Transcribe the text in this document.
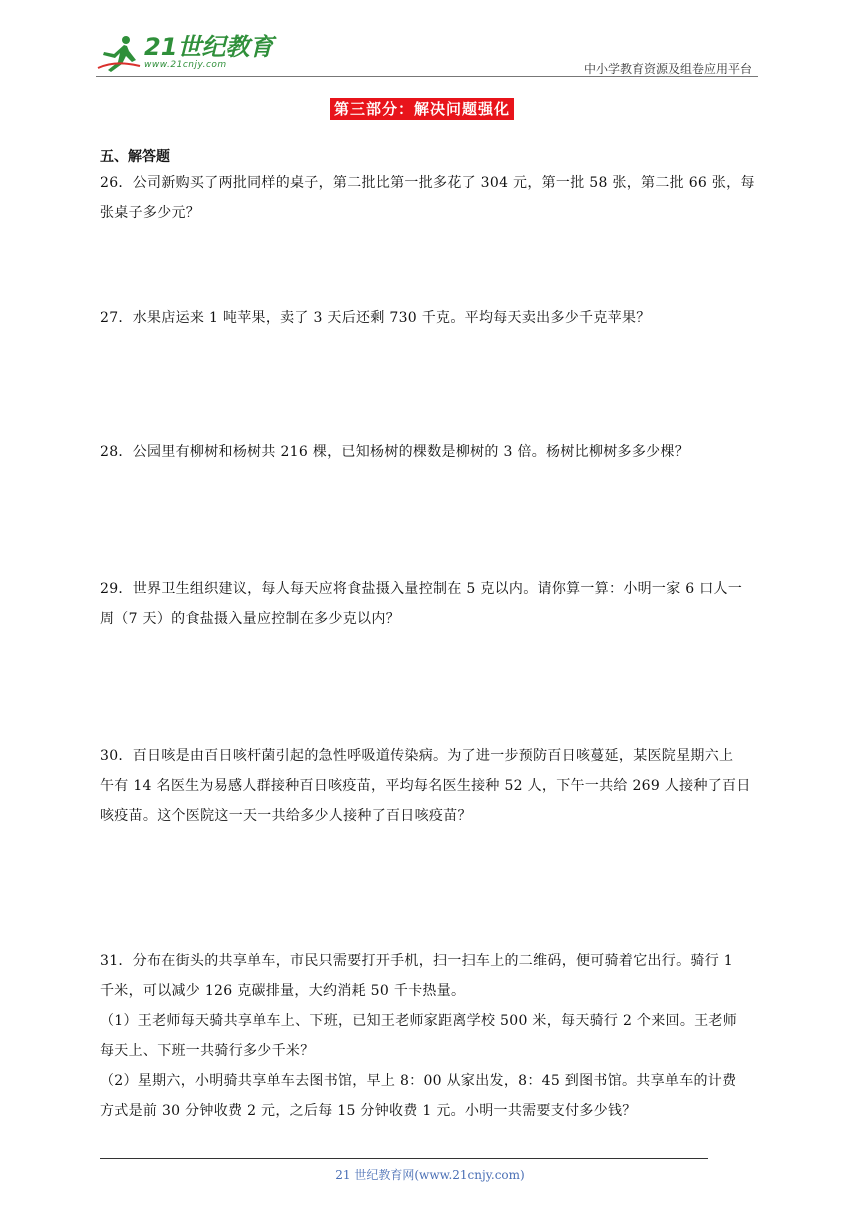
21世纪教育
www.21cnjy.com	中小学教育资源及组卷应用平台
第三部分：解决问题强化
五、解答题

26．公司新购买了两批同样的桌子，第二批比第一批多花了 304 元，第一批 58 张，第二批 66 张，每

张桌子多少元？

27．水果店运来 1 吨苹果，卖了 3 天后还剩 730 千克。平均每天卖出多少千克苹果？

28．公园里有柳树和杨树共 216 棵，已知杨树的棵数是柳树的 3 倍。杨树比柳树多多少棵？

29．世界卫生组织建议，每人每天应将食盐摄入量控制在 5 克以内。请你算一算：小明一家 6 口人一

周（7 天）的食盐摄入量应控制在多少克以内？

30．百日咳是由百日咳杆菌引起的急性呼吸道传染病。为了进一步预防百日咳蔓延，某医院星期六上

午有 14 名医生为易感人群接种百日咳疫苗，平均每名医生接种 52 人，下午一共给 269 人接种了百日

咳疫苗。这个医院这一天一共给多少人接种了百日咳疫苗？

31．分布在街头的共享单车，市民只需要打开手机，扫一扫车上的二维码，便可骑着它出行。骑行 1

千米，可以减少 126 克碳排量，大约消耗 50 千卡热量。

（1）王老师每天骑共享单车上、下班，已知王老师家距离学校 500 米，每天骑行 2 个来回。王老师

每天上、下班一共骑行多少千米？

（2）星期六，小明骑共享单车去图书馆，早上 8：00 从家出发，8：45 到图书馆。共享单车的计费

方式是前 30 分钟收费 2 元，之后每 15 分钟收费 1 元。小明一共需要支付多少钱？

21 世纪教育网(www.21cnjy.com)
